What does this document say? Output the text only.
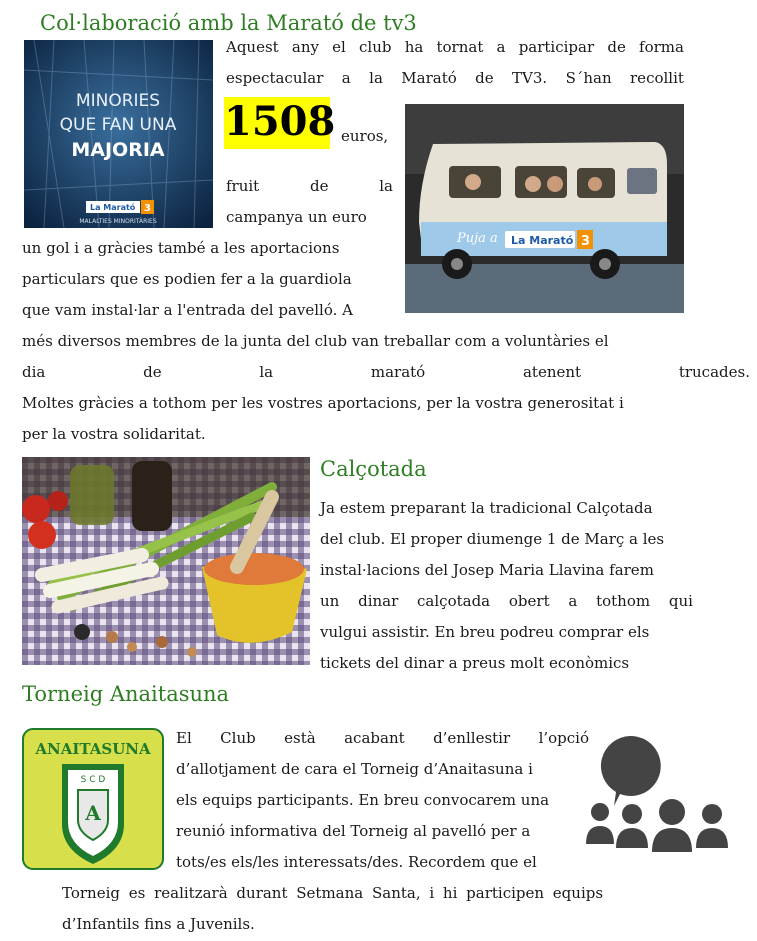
Col·laboració amb la Marató de tv3
MINORIES
QUE FAN UNA
MAJORIA
La Marató 3
MALALTIES MINORITÀRIES
Aquest any el club ha tornat a participar de forma
espectacular a la Marató de TV3. S´han recollit
1508 euros,
Puja a La Marató 3
fruit	de	la
campanya un euro
un gol i a gràcies també a les aportacions
particulars que es podien fer a la guardiola
que vam instal·lar a l'entrada del pavelló. A
més diversos membres de la junta del club van treballar com a voluntàries el
dia de la marató atenent trucades.
Moltes gràcies a tothom per les vostres aportacions, per la vostra generositat i
per la vostra solidaritat.
Calçotada
Ja estem preparant la tradicional Calçotada
del club. El proper diumenge 1 de Març a les
instal·lacions del Josep Maria Llavina farem
un dinar calçotada obert a tothom qui
vulgui assistir. En breu podreu comprar els
tickets del dinar a preus molt econòmics
Torneig Anaitasuna
ANAITASUNA
S C D
A
El Club està acabant d’enllestir l’opció
d’allotjament de cara el Torneig d’Anaitasuna i
els equips participants. En breu convocarem una
reunió informativa del Torneig al pavelló per a
tots/es els/les interessats/des. Recordem que el
Torneig es realitzarà durant Setmana Santa, i hi participen equips
d’Infantils fins a Juvenils.
